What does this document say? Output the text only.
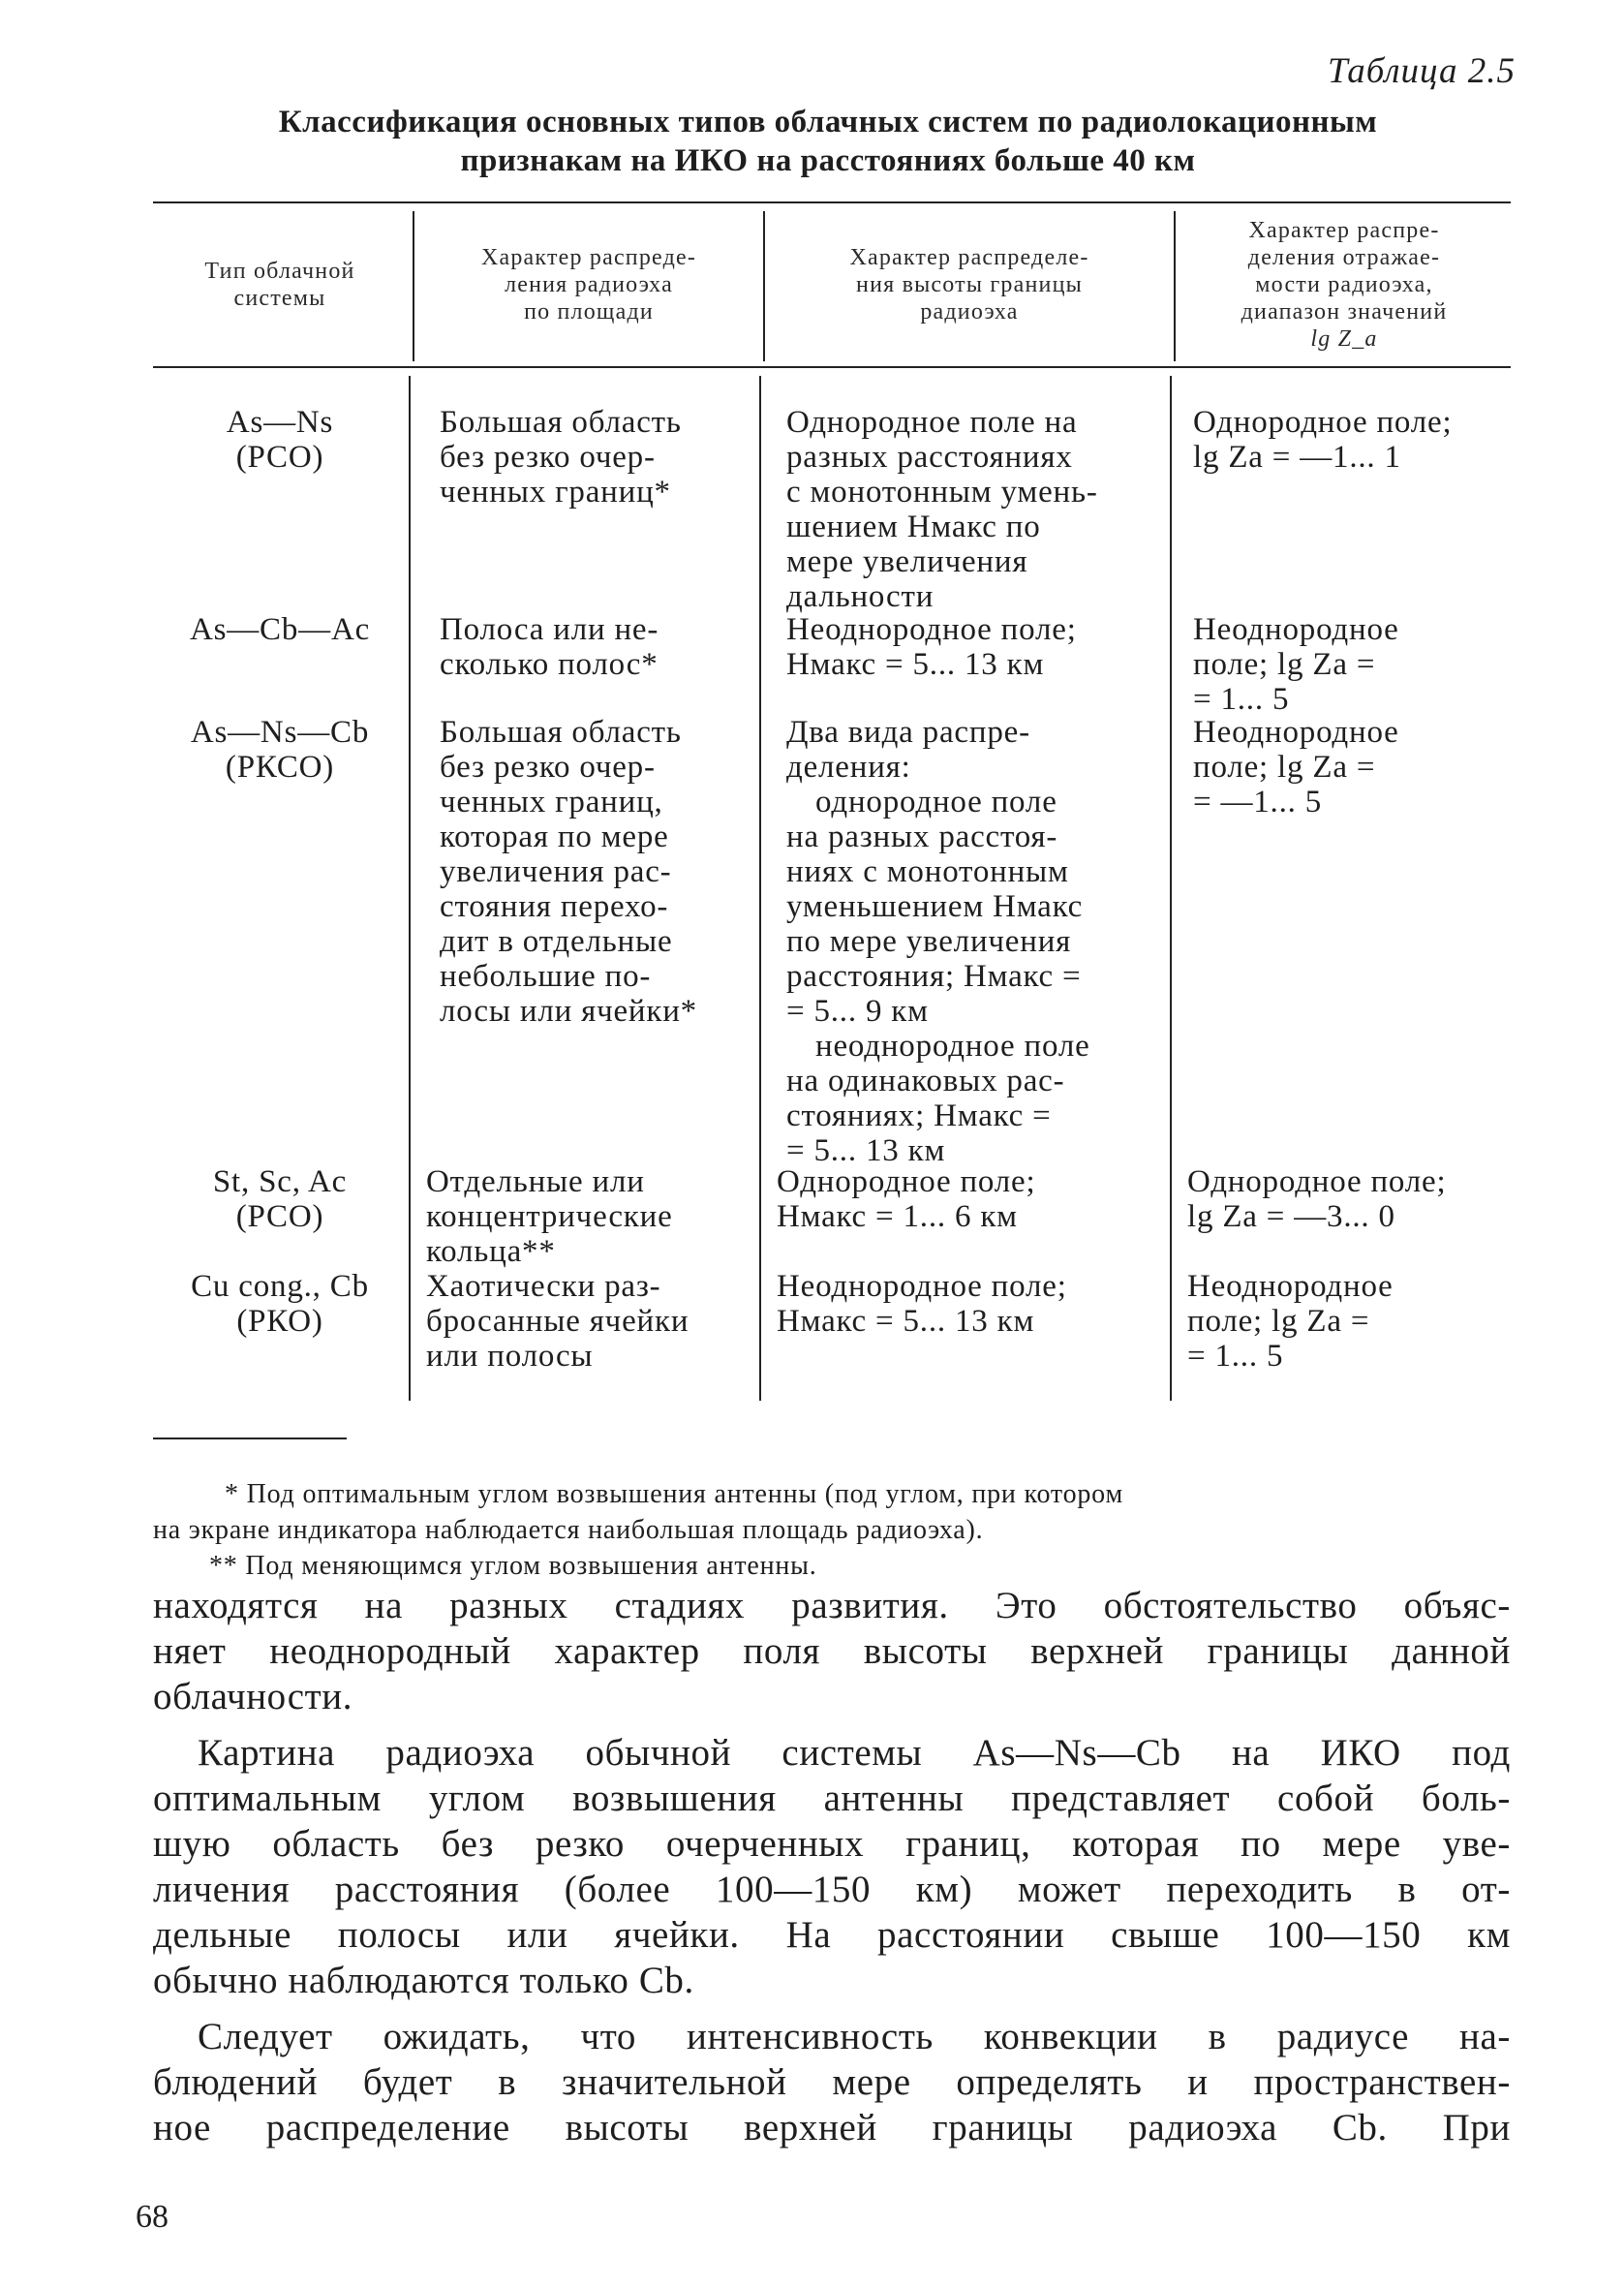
Таблица 2.5
Классификация основных типов облачных систем по радиолокационным
признакам на ИКО на расстояниях больше 40 км
Тип облачной
системы
Характер распреде-
ления радиоэха
по площади
Характер распределе-
ния высоты границы
радиоэха
Характер распре-
деления отражае-
мости радиоэха,
диапазон значений
lg Z_a
As—Ns
(РСО)
Большая область
без резко очер-
ченных границ*
Однородное поле на
разных расстояниях
с монотонным умень-
шением Hмакс по
мере увеличения
дальности
Однородное поле;
lg Za = —1... 1
As—Cb—Ac	Полоса или не-
сколько полос*
Неоднородное поле;
Hмакс = 5... 13 км
Неоднородное
поле; lg Za =
= 1... 5
As—Ns—Cb
(РКСО)
Большая область
без резко очер-
ченных границ,
которая по мере
увеличения рас-
стояния перехо-
дит в отдельные
небольшие по-
лосы или ячейки*
Два вида распре-
деления:
однородное поле
на разных расстоя-
ниях с монотонным
уменьшением Hмакс
по мере увеличения
расстояния; Hмакс =
= 5... 9 км
неоднородное поле
на одинаковых рас-
стояниях; Hмакс =
= 5... 13 км
Неоднородное
поле; lg Za =
= —1... 5
St, Sc, Ac
(РСО)
Отдельные или
концентрические
кольца**
Однородное поле;
Hмакс = 1... 6 км
Однородное поле;
lg Za = —3... 0
Cu cong., Cb
(РКО)
Хаотически раз-
бросанные ячейки
или полосы
Неоднородное поле;
Hмакс = 5... 13 км
Неоднородное
поле; lg Za =
= 1... 5
* Под оптимальным углом возвышения антенны (под углом, при котором
на экране индикатора наблюдается наибольшая площадь радиоэха).
** Под меняющимся углом возвышения антенны.
находятся на разных стадиях развития. Это обстоятельство объяс-
няет неоднородный характер поля высоты верхней границы данной
облачности.
Картина радиоэха обычной системы As—Ns—Cb на ИКО под
оптимальным углом возвышения антенны представляет собой боль-
шую область без резко очерченных границ, которая по мере уве-
личения расстояния (более 100—150 км) может переходить в от-
дельные полосы или ячейки. На расстоянии свыше 100—150 км
обычно наблюдаются только Cb.
Следует ожидать, что интенсивность конвекции в радиусе на-
блюдений будет в значительной мере определять и пространствен-
ное распределение высоты верхней границы радиоэха Cb. При
68
